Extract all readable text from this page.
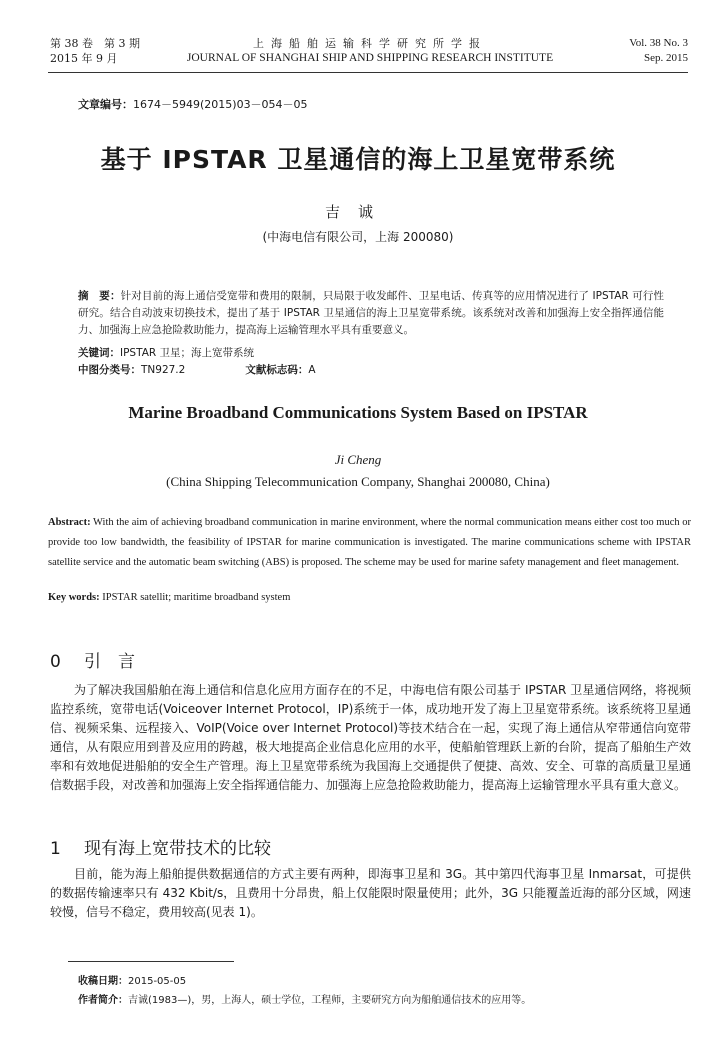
第 38 卷　第 3 期
2015 年 9 月
上海船舶运输科学研究所学报
JOURNAL OF SHANGHAI SHIP AND SHIPPING RESEARCH INSTITUTE
Vol. 38 No. 3
Sep. 2015
文章编号：1674－5949(2015)03－054－05
基于 IPSTAR 卫星通信的海上卫星宽带系统
吉诚
(中海电信有限公司，上海 200080)
摘　要：针对目前的海上通信受宽带和费用的限制，只局限于收发邮件、卫星电话、传真等的应用情况进行了 IPSTAR 可行性研究。结合自动波束切换技术，提出了基于 IPSTAR 卫星通信的海上卫星宽带系统。该系统对改善和加强海上安全指挥通信能力、加强海上应急抢险救助能力，提高海上运输管理水平具有重要意义。
关键词：IPSTAR 卫星；海上宽带系统
中图分类号：TN927.2	文献标志码：A
Marine Broadband Communications System Based on IPSTAR
Ji Cheng
(China Shipping Telecommunication Company, Shanghai 200080, China)
Abstract: With the aim of achieving broadband communication in marine environment, where the normal communication means either cost too much or provide too low bandwidth, the feasibility of IPSTAR for marine communication is investigated. The marine communications scheme with IPSTAR satellite service and the automatic beam switching (ABS) is proposed. The scheme may be used for marine safety management and fleet management.
Key words: IPSTAR satellit; maritime broadband system
0 引　言
为了解决我国船舶在海上通信和信息化应用方面存在的不足，中海电信有限公司基于 IPSTAR 卫星通信网络，将视频监控系统，宽带电话(Voiceover Internet Protocol，IP)系统于一体，成功地开发了海上卫星宽带系统。该系统将卫星通信、视频采集、远程接入、VoIP(Voice over Internet Protocol)等技术结合在一起，实现了海上通信从窄带通信向宽带通信，从有限应用到普及应用的跨越，极大地提高企业信息化应用的水平，使船舶管理跃上新的台阶，提高了船舶生产效率和有效地促进船舶的安全生产管理。海上卫星宽带系统为我国海上交通提供了便捷、高效、安全、可靠的高质量卫星通信数据手段，对改善和加强海上安全指挥通信能力、加强海上应急抢险救助能力，提高海上运输管理水平具有重大意义。
1 现有海上宽带技术的比较
目前，能为海上船舶提供数据通信的方式主要有两种，即海事卫星和 3G。其中第四代海事卫星 Inmarsat，可提供的数据传输速率只有 432 Kbit/s，且费用十分昂贵，船上仅能限时限量使用；此外，3G 只能覆盖近海的部分区域，网速较慢，信号不稳定，费用较高(见表 1)。
收稿日期：2015-05-05
作者简介：吉诚(1983—)，男，上海人，硕士学位，工程师，主要研究方向为船舶通信技术的应用等。
